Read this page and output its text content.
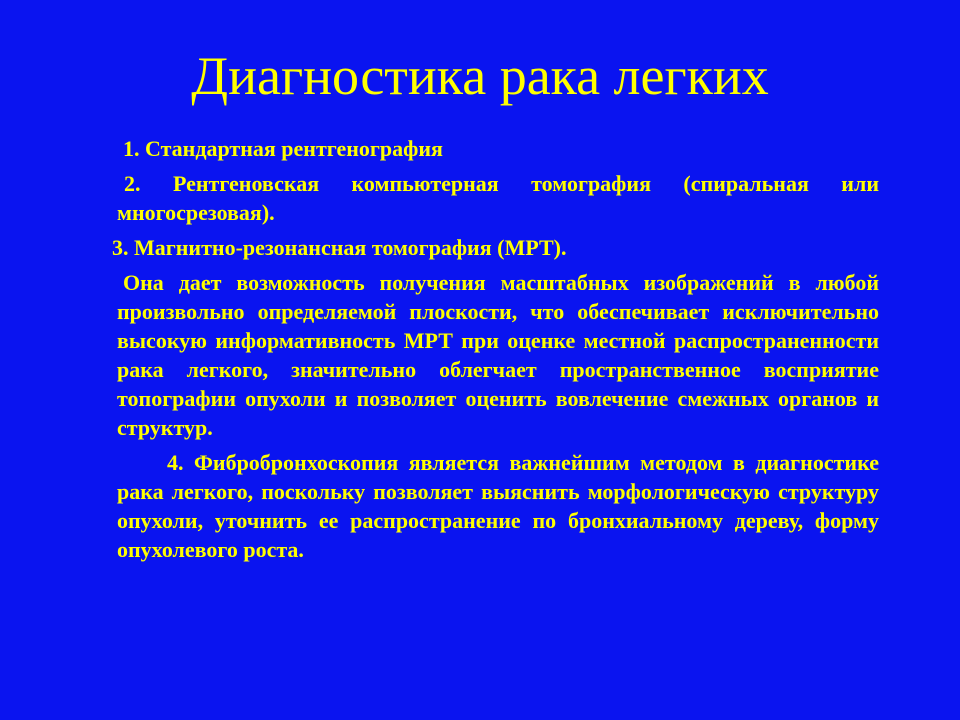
Диагностика рака легких

1. Стандартная рентгенография

2. Рентгеновская компьютерная томография (спиральная или многосрезовая).

3. Магнитно-резонансная томография (МРТ).

Она дает возможность получения масштабных изображений в любой произвольно определяемой плоскости, что обеспечивает исключительно высокую информативность МРТ при оценке местной распространенности рака легкого, значительно облегчает пространственное восприятие топографии опухоли и позволяет оценить вовлечение смежных органов и структур.

4. Фибробронхоскопия является важнейшим методом в диагностике рака легкого, поскольку позволяет выяснить морфологическую структуру опухоли, уточнить ее распространение по бронхиальному дереву, форму опухолевого роста.
